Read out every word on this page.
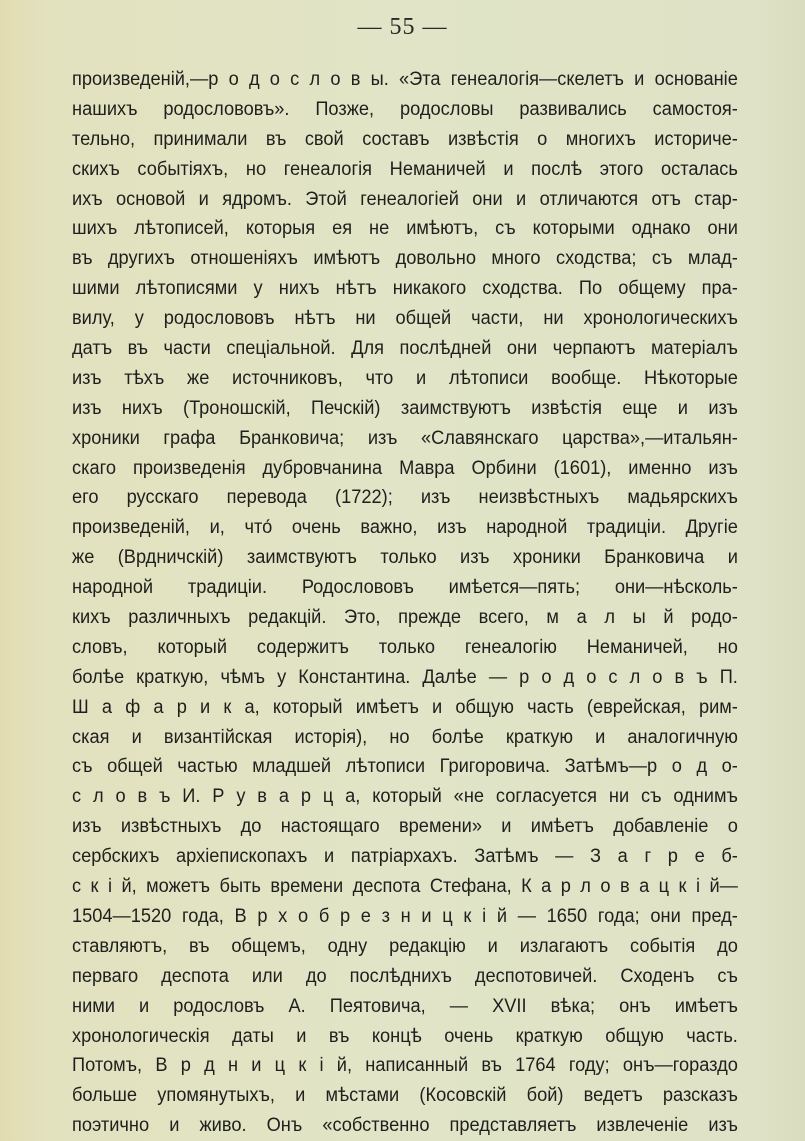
— 55 —
произведеній,—р о д о с л о в ы. «Эта генеалогія—скелетъ и основаніе
нашихъ родослововъ». Позже, родословы развивались самостоя-
тельно, принимали въ свой составъ извѣстія о многихъ историче-
скихъ событіяхъ, но генеалогія Неманичей и послѣ этого осталась
ихъ основой и ядромъ. Этой генеалогіей они и отличаются отъ стар-
шихъ лѣтописей, которыя ея не имѣютъ, съ которыми однако они
въ другихъ отношеніяхъ имѣютъ довольно много сходства; съ млад-
шими лѣтописями у нихъ нѣтъ никакого сходства. По общему пра-
вилу, у родослововъ нѣтъ ни общей части, ни хронологическихъ
датъ въ части спеціальной. Для послѣдней они черпаютъ матеріалъ
изъ тѣхъ же источниковъ, что и лѣтописи вообще. Нѣкоторые
изъ нихъ (Троношскій, Печскій) заимствуютъ извѣстія еще и изъ
хроники графа Бранковича; изъ «Славянскаго царства»,—итальян-
скаго произведенія дубровчанина Мавра Орбини (1601), именно изъ
его русскаго перевода (1722); изъ неизвѣстныхъ мадьярскихъ
произведеній, и, что́ очень важно, изъ народной традиціи. Другіе
же (Врдничскій) заимствуютъ только изъ хроники Бранковича и
народной традиціи. Родослововъ имѣется—пять; они—нѣсколь-
кихъ различныхъ редакцій. Это, прежде всего, м а л ы й родо-
словъ, который содержитъ только генеалогію Неманичей, но
болѣе краткую, чѣмъ у Константина. Далѣе — р о д о с л о в ъ П.
Ш а ф а р и к а, который имѣетъ и общую часть (еврейская, рим-
ская и византійская исторія), но болѣе краткую и аналогичную
съ общей частью младшей лѣтописи Григоровича. Затѣмъ—р о д о-
с л о в ъ И. Р у в а р ц а, который «не согласуется ни съ однимъ
изъ извѣстныхъ до настоящаго времени» и имѣетъ добавленіе о
сербскихъ архіепископахъ и патріархахъ. Затѣмъ — З а г р е б-
с к і й, можетъ быть времени деспота Стефана, К а р л о в а ц к і й—
1504—1520 года, В р х о б р е з н и ц к і й — 1650 года; они пред-
ставляютъ, въ общемъ, одну редакцію и излагаютъ событія до
перваго деспота или до послѣднихъ деспотовичей. Сходенъ съ
ними и родословъ А. Пеятовича, — XVII вѣка; онъ имѣетъ
хронологическія даты и въ концѣ очень краткую общую часть.
Потомъ, В р д н и ц к і й, написанный въ 1764 году; онъ—гораздо
больше упомянутыхъ, и мѣстами (Косовскій бой) ведетъ разсказъ
поэтично и живо. Онъ «собственно представляетъ извлеченіе изъ
